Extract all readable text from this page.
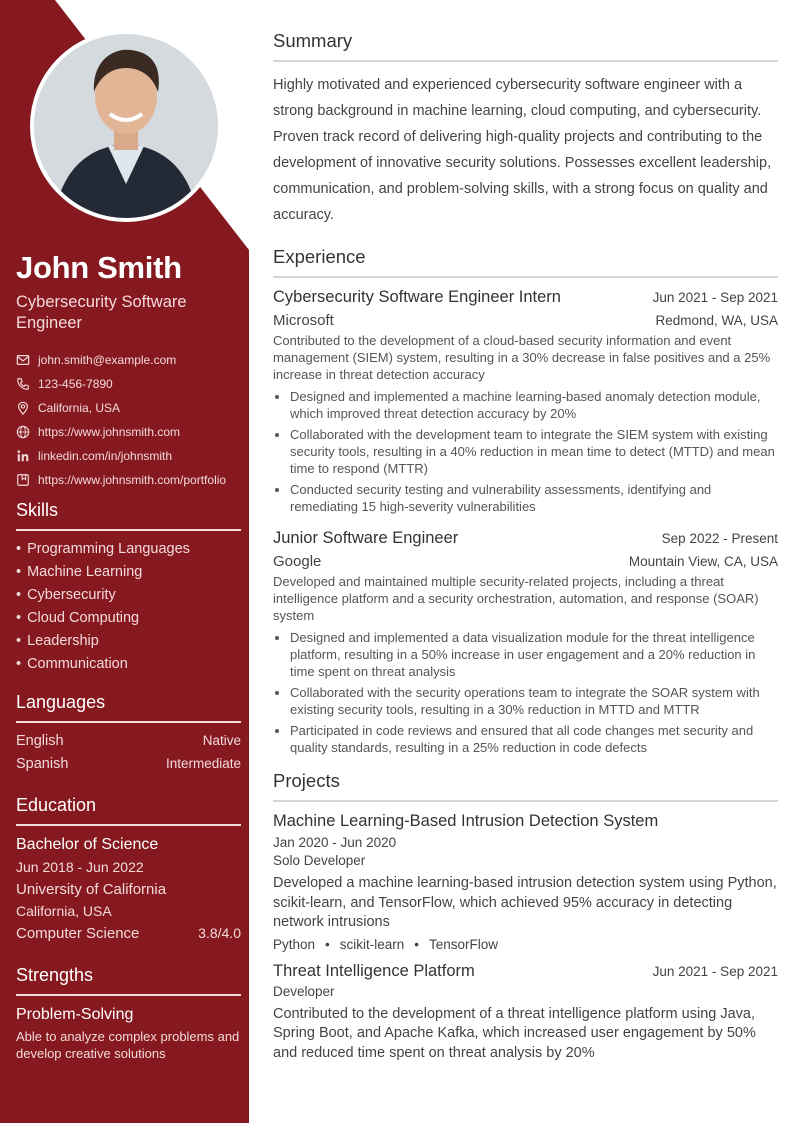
John Smith
Cybersecurity Software Engineer
john.smith@example.com
123-456-7890
California, USA
https://www.johnsmith.com
linkedin.com/in/johnsmith
https://www.johnsmith.com/portfolio
Skills
• Programming Languages
• Machine Learning
• Cybersecurity
• Cloud Computing
• Leadership
• Communication
Languages
English	Native
Spanish	Intermediate
Education
Bachelor of Science
Jun 2018 - Jun 2022
University of California
California, USA
Computer Science	3.8/4.0
Strengths
Problem-Solving
Able to analyze complex problems and develop creative solutions
Summary

Highly motivated and experienced cybersecurity software engineer with a strong background in machine learning, cloud computing, and cybersecurity. Proven track record of delivering high-quality projects and contributing to the development of innovative security solutions. Possesses excellent leadership, communication, and problem-solving skills, with a strong focus on quality and accuracy.

Experience
Cybersecurity Software Engineer Intern	Jun 2021 - Sep 2021
Microsoft	Redmond, WA, USA
Contributed to the development of a cloud-based security information and event management (SIEM) system, resulting in a 30% decrease in false positives and a 25% increase in threat detection accuracy
• Designed and implemented a machine learning-based anomaly detection module, which improved threat detection accuracy by 20%
• Collaborated with the development team to integrate the SIEM system with existing security tools, resulting in a 40% reduction in mean time to detect (MTTD) and mean time to respond (MTTR)
• Conducted security testing and vulnerability assessments, identifying and remediating 15 high-severity vulnerabilities
Junior Software Engineer	Sep 2022 - Present
Google	Mountain View, CA, USA
Developed and maintained multiple security-related projects, including a threat intelligence platform and a security orchestration, automation, and response (SOAR) system
• Designed and implemented a data visualization module for the threat intelligence platform, resulting in a 50% increase in user engagement and a 20% reduction in time spent on threat analysis
• Collaborated with the security operations team to integrate the SOAR system with existing security tools, resulting in a 30% reduction in MTTD and MTTR
• Participated in code reviews and ensured that all code changes met security and quality standards, resulting in a 25% reduction in code defects
Projects
Machine Learning-Based Intrusion Detection System
Jan 2020 - Jun 2020
Solo Developer
Developed a machine learning-based intrusion detection system using Python, scikit-learn, and TensorFlow, which achieved 95% accuracy in detecting network intrusions
Python	• scikit-learn	• TensorFlow
Threat Intelligence Platform	Jun 2021 - Sep 2021
Developer
Contributed to the development of a threat intelligence platform using Java, Spring Boot, and Apache Kafka, which increased user engagement by 50% and reduced time spent on threat analysis by 20%
